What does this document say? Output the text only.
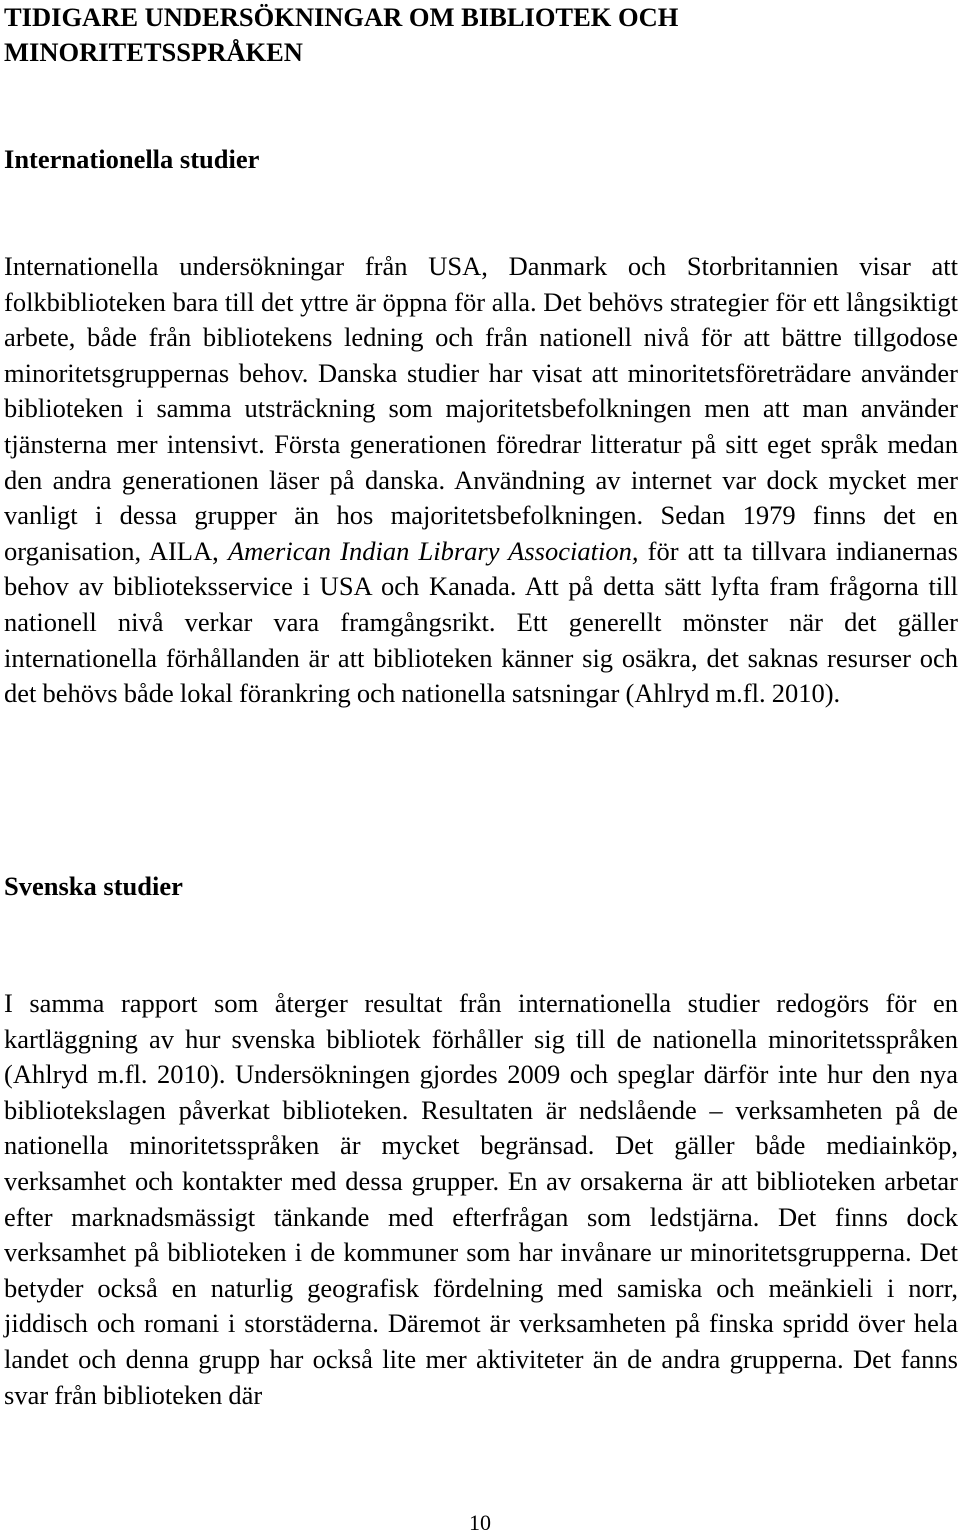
TIDIGARE UNDERSÖKNINGAR OM BIBLIOTEK OCH MINORITETSSPRÅKEN
Internationella studier

Internationella undersökningar från USA, Danmark och Storbritannien visar att folkbiblioteken bara till det yttre är öppna för alla. Det behövs strategier för ett långsiktigt arbete, både från bibliotekens ledning och från nationell nivå för att bättre tillgodose minoritetsgruppernas behov. Danska studier har visat att minoritetsföreträdare använder biblioteken i samma utsträckning som majoritetsbefolkningen men att man använder tjänsterna mer intensivt. Första generationen föredrar litteratur på sitt eget språk medan den andra generationen läser på danska. Användning av internet var dock mycket mer vanligt i dessa grupper än hos majoritetsbefolkningen. Sedan 1979 finns det en organisation, AILA, American Indian Library Association, för att ta tillvara indianernas behov av biblioteksservice i USA och Kanada. Att på detta sätt lyfta fram frågorna till nationell nivå verkar vara framgångsrikt. Ett generellt mönster när det gäller internationella förhållanden är att biblioteken känner sig osäkra, det saknas resurser och det behövs både lokal förankring och nationella satsningar (Ahlryd m.fl. 2010).

Svenska studier

I samma rapport som återger resultat från internationella studier redogörs för en kartläggning av hur svenska bibliotek förhåller sig till de nationella minoritetsspråken (Ahlryd m.fl. 2010). Undersökningen gjordes 2009 och speglar därför inte hur den nya bibliotekslagen påverkat biblioteken. Resultaten är nedslående – verksamheten på de nationella minoritetsspråken är mycket begränsad. Det gäller både mediainköp, verksamhet och kontakter med dessa grupper. En av orsakerna är att biblioteken arbetar efter marknadsmässigt tänkande med efterfrågan som ledstjärna. Det finns dock verksamhet på biblioteken i de kommuner som har invånare ur minoritetsgrupperna. Det betyder också en naturlig geografisk fördelning med samiska och meänkieli i norr, jiddisch och romani i storstäderna. Däremot är verksamheten på finska spridd över hela landet och denna grupp har också lite mer aktiviteter än de andra grupperna. Det fanns svar från biblioteken där

10
